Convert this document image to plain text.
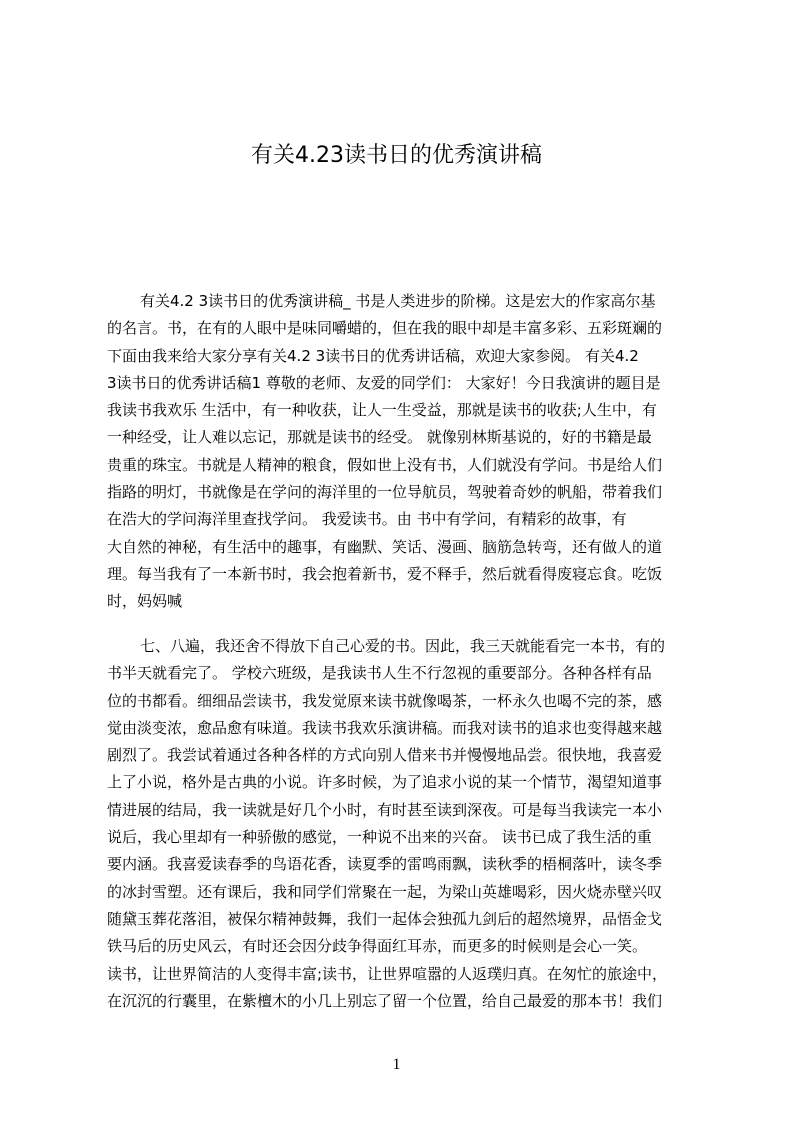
有关4.23读书日的优秀演讲稿
有关4.2 3读书日的优秀演讲稿_ 书是人类进步的阶梯。这是宏大的作家高尔基
的名言。书，在有的人眼中是味同嚼蜡的，但在我的眼中却是丰富多彩、五彩斑斓的
下面由我来给大家分享有关4.2 3读书日的优秀讲话稿，欢迎大家参阅。 有关4.2
3读书日的优秀讲话稿1 尊敬的老师、友爱的同学们： 大家好！今日我演讲的题目是
我读书我欢乐 生活中，有一种收获，让人一生受益，那就是读书的收获;人生中，有
一种经受，让人难以忘记，那就是读书的经受。 就像别林斯基说的，好的书籍是最
贵重的珠宝。书就是人精神的粮食，假如世上没有书，人们就没有学问。书是给人们
指路的明灯，书就像是在学问的海洋里的一位导航员，驾驶着奇妙的帆船，带着我们
在浩大的学问海洋里查找学问。 我爱读书。由 书中有学问，有精彩的故事，有
大自然的神秘，有生活中的趣事，有幽默、笑话、漫画、脑筋急转弯，还有做人的道
理。每当我有了一本新书时，我会抱着新书，爱不释手，然后就看得废寝忘食。吃饭
时，妈妈喊
七、八遍，我还舍不得放下自己心爱的书。因此，我三天就能看完一本书，有的
书半天就看完了。 学校六班级，是我读书人生不行忽视的重要部分。各种各样有品
位的书都看。细细品尝读书，我发觉原来读书就像喝茶，一杯永久也喝不完的茶，感
觉由淡变浓，愈品愈有味道。我读书我欢乐演讲稿。而我对读书的追求也变得越来越
剧烈了。我尝试着通过各种各样的方式向别人借来书并慢慢地品尝。很快地，我喜爱
上了小说，格外是古典的小说。许多时候，为了追求小说的某一个情节，渴望知道事
情进展的结局，我一读就是好几个小时，有时甚至读到深夜。可是每当我读完一本小
说后，我心里却有一种骄傲的感觉，一种说不出来的兴奋。 读书已成了我生活的重
要内涵。我喜爱读春季的鸟语花香，读夏季的雷鸣雨飘，读秋季的梧桐落叶，读冬季
的冰封雪塑。还有课后，我和同学们常聚在一起，为梁山英雄喝彩，因火烧赤壁兴叹
随黛玉葬花落泪，被保尔精神鼓舞，我们一起体会独孤九剑后的超然境界，品悟金戈
铁马后的历史风云，有时还会因分歧争得面红耳赤，而更多的时候则是会心一笑。
读书，让世界简洁的人变得丰富;读书，让世界喧嚣的人返璞归真。在匆忙的旅途中，
在沉沉的行囊里，在紫檀木的小几上别忘了留一个位置，给自己最爱的那本书！我们
1
